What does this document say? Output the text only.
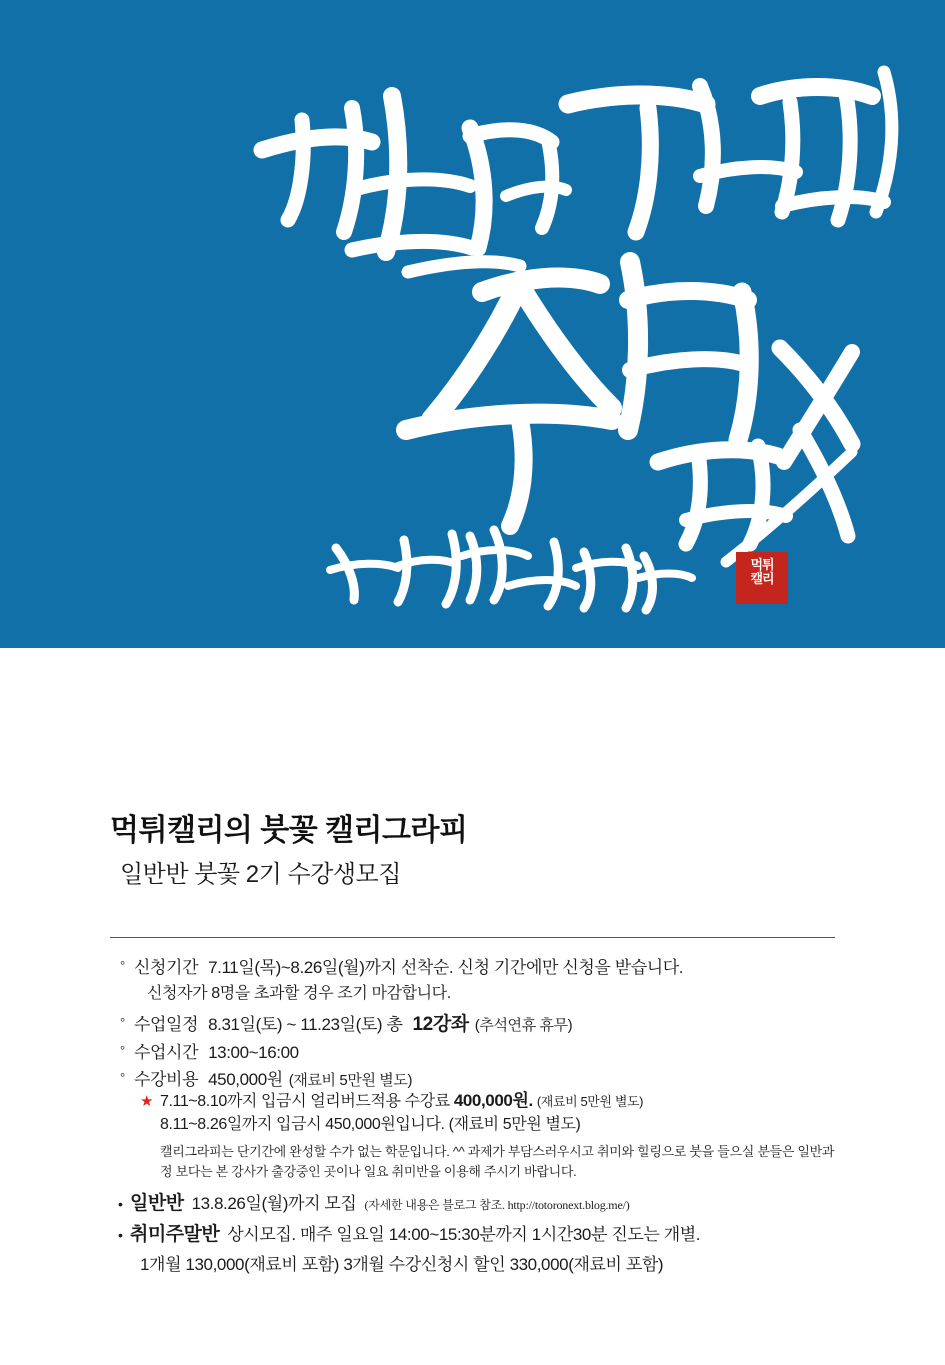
먹튀
캘리
먹튀캘리의 붓꽃 캘리그라피
일반반 붓꽃 2기 수강생모집
° 신청기간 7.11일(목)~8.26일(월)까지 선착순. 신청 기간에만 신청을 받습니다.
신청자가 8명을 초과할 경우 조기 마감합니다.
° 수업일정 8.31일(토) ~ 11.23일(토) 총 12강좌 (추석연휴 휴무)
° 수업시간 13:00~16:00
° 수강비용 450,000원 (재료비 5만원 별도)
★ 7.11~8.10까지 입금시 얼리버드적용 수강료 400,000원. (재료비 5만원 별도)
8.11~8.26일까지 입금시 450,000원입니다. (재료비 5만원 별도)

캘리그라피는 단기간에 완성할 수가 없는 학문입니다. ^^ 과제가 부담스러우시고 취미와 힐링으로 붓을 들으실 분들은 일반과정 보다는 본 강사가 출강중인 곳이나 일요 취미반을 이용해 주시기 바랍니다.

• 일반반 13.8.26일(월)까지 모집 (자세한 내용은 블로그 참조. http://totoronext.blog.me/)
• 취미주말반 상시모집. 매주 일요일 14:00~15:30분까지 1시간30분 진도는 개별.
1개월 130,000(재료비 포함) 3개월 수강신청시 할인 330,000(재료비 포함)
